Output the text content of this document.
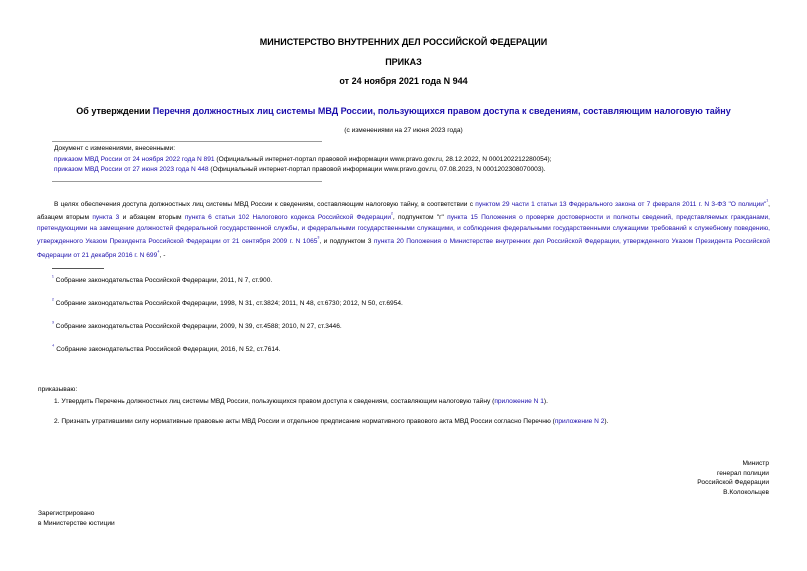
МИНИСТЕРСТВО ВНУТРЕННИХ ДЕЛ РОССИЙСКОЙ ФЕДЕРАЦИИ
ПРИКАЗ
от 24 ноября 2021 года N 944
Об утверждении Перечня должностных лиц системы МВД России, пользующихся правом доступа к сведениям, составляющим налоговую тайну
(с изменениями на 27 июня 2023 года)
Документ с изменениями, внесенными:
приказом МВД России от 24 ноября 2022 года N 891 (Официальный интернет-портал правовой информации www.pravo.gov.ru, 28.12.2022, N 0001202212280054);
приказом МВД России от 27 июня 2023 года N 448 (Официальный интернет-портал правовой информации www.pravo.gov.ru, 07.08.2023, N 0001202308070003).
В целях обеспечения доступа должностных лиц системы МВД России к сведениям, составляющим налоговую тайну, в соответствии с пунктом 29 части 1 статьи 13 Федерального закона от 7 февраля 2011 г. N 3-ФЗ "О полиции"$^{^1}$, абзацем вторым пункта 3 и абзацем вторым пункта 6 статьи 102 Налогового кодекса Российской Федерации$^{^2}$, подпунктом "г" пункта 15 Положения о проверке достоверности и полноты сведений, представляемых гражданами, претендующими на замещение должностей федеральной государственной службы, и федеральными государственными служащими, и соблюдения федеральными государственными служащими требований к служебному поведению, утвержденного Указом Президента Российской Федерации от 21 сентября 2009 г. N $1065^{^3}$, и подпунктом 3 пункта 20 Положения о Министерстве внутренних дел Российской Федерации, утвержденного Указом Президента Российской Федерации от 21 декабря 2016 г. N $699^{^4}$, -
$^{^1}$ Собрание законодательства Российской Федерации, 2011, N 7, ст.900.
$^{^2}$ Собрание законодательства Российской Федерации, 1998, N 31, ст.3824; 2011, N 48, ст.6730; 2012, N 50, ст.6954.
$^{^3}$ Собрание законодательства Российской Федерации, 2009, N 39, ст.4588; 2010, N 27, ст.3446.
$^{^4}$ Собрание законодательства Российской Федерации, 2016, N 52, ст.7614.
приказываю:
1. Утвердить Перечень должностных лиц системы МВД России, пользующихся правом доступа к сведениям, составляющим налоговую тайну (приложение N 1).
2. Признать утратившими силу нормативные правовые акты МВД России и отдельное предписание нормативного правового акта МВД России согласно Перечню (приложение N 2).
Министр
генерал полиции
Российской Федерации
В.Колокольцев
Зарегистрировано
в Министерстве юстиции
